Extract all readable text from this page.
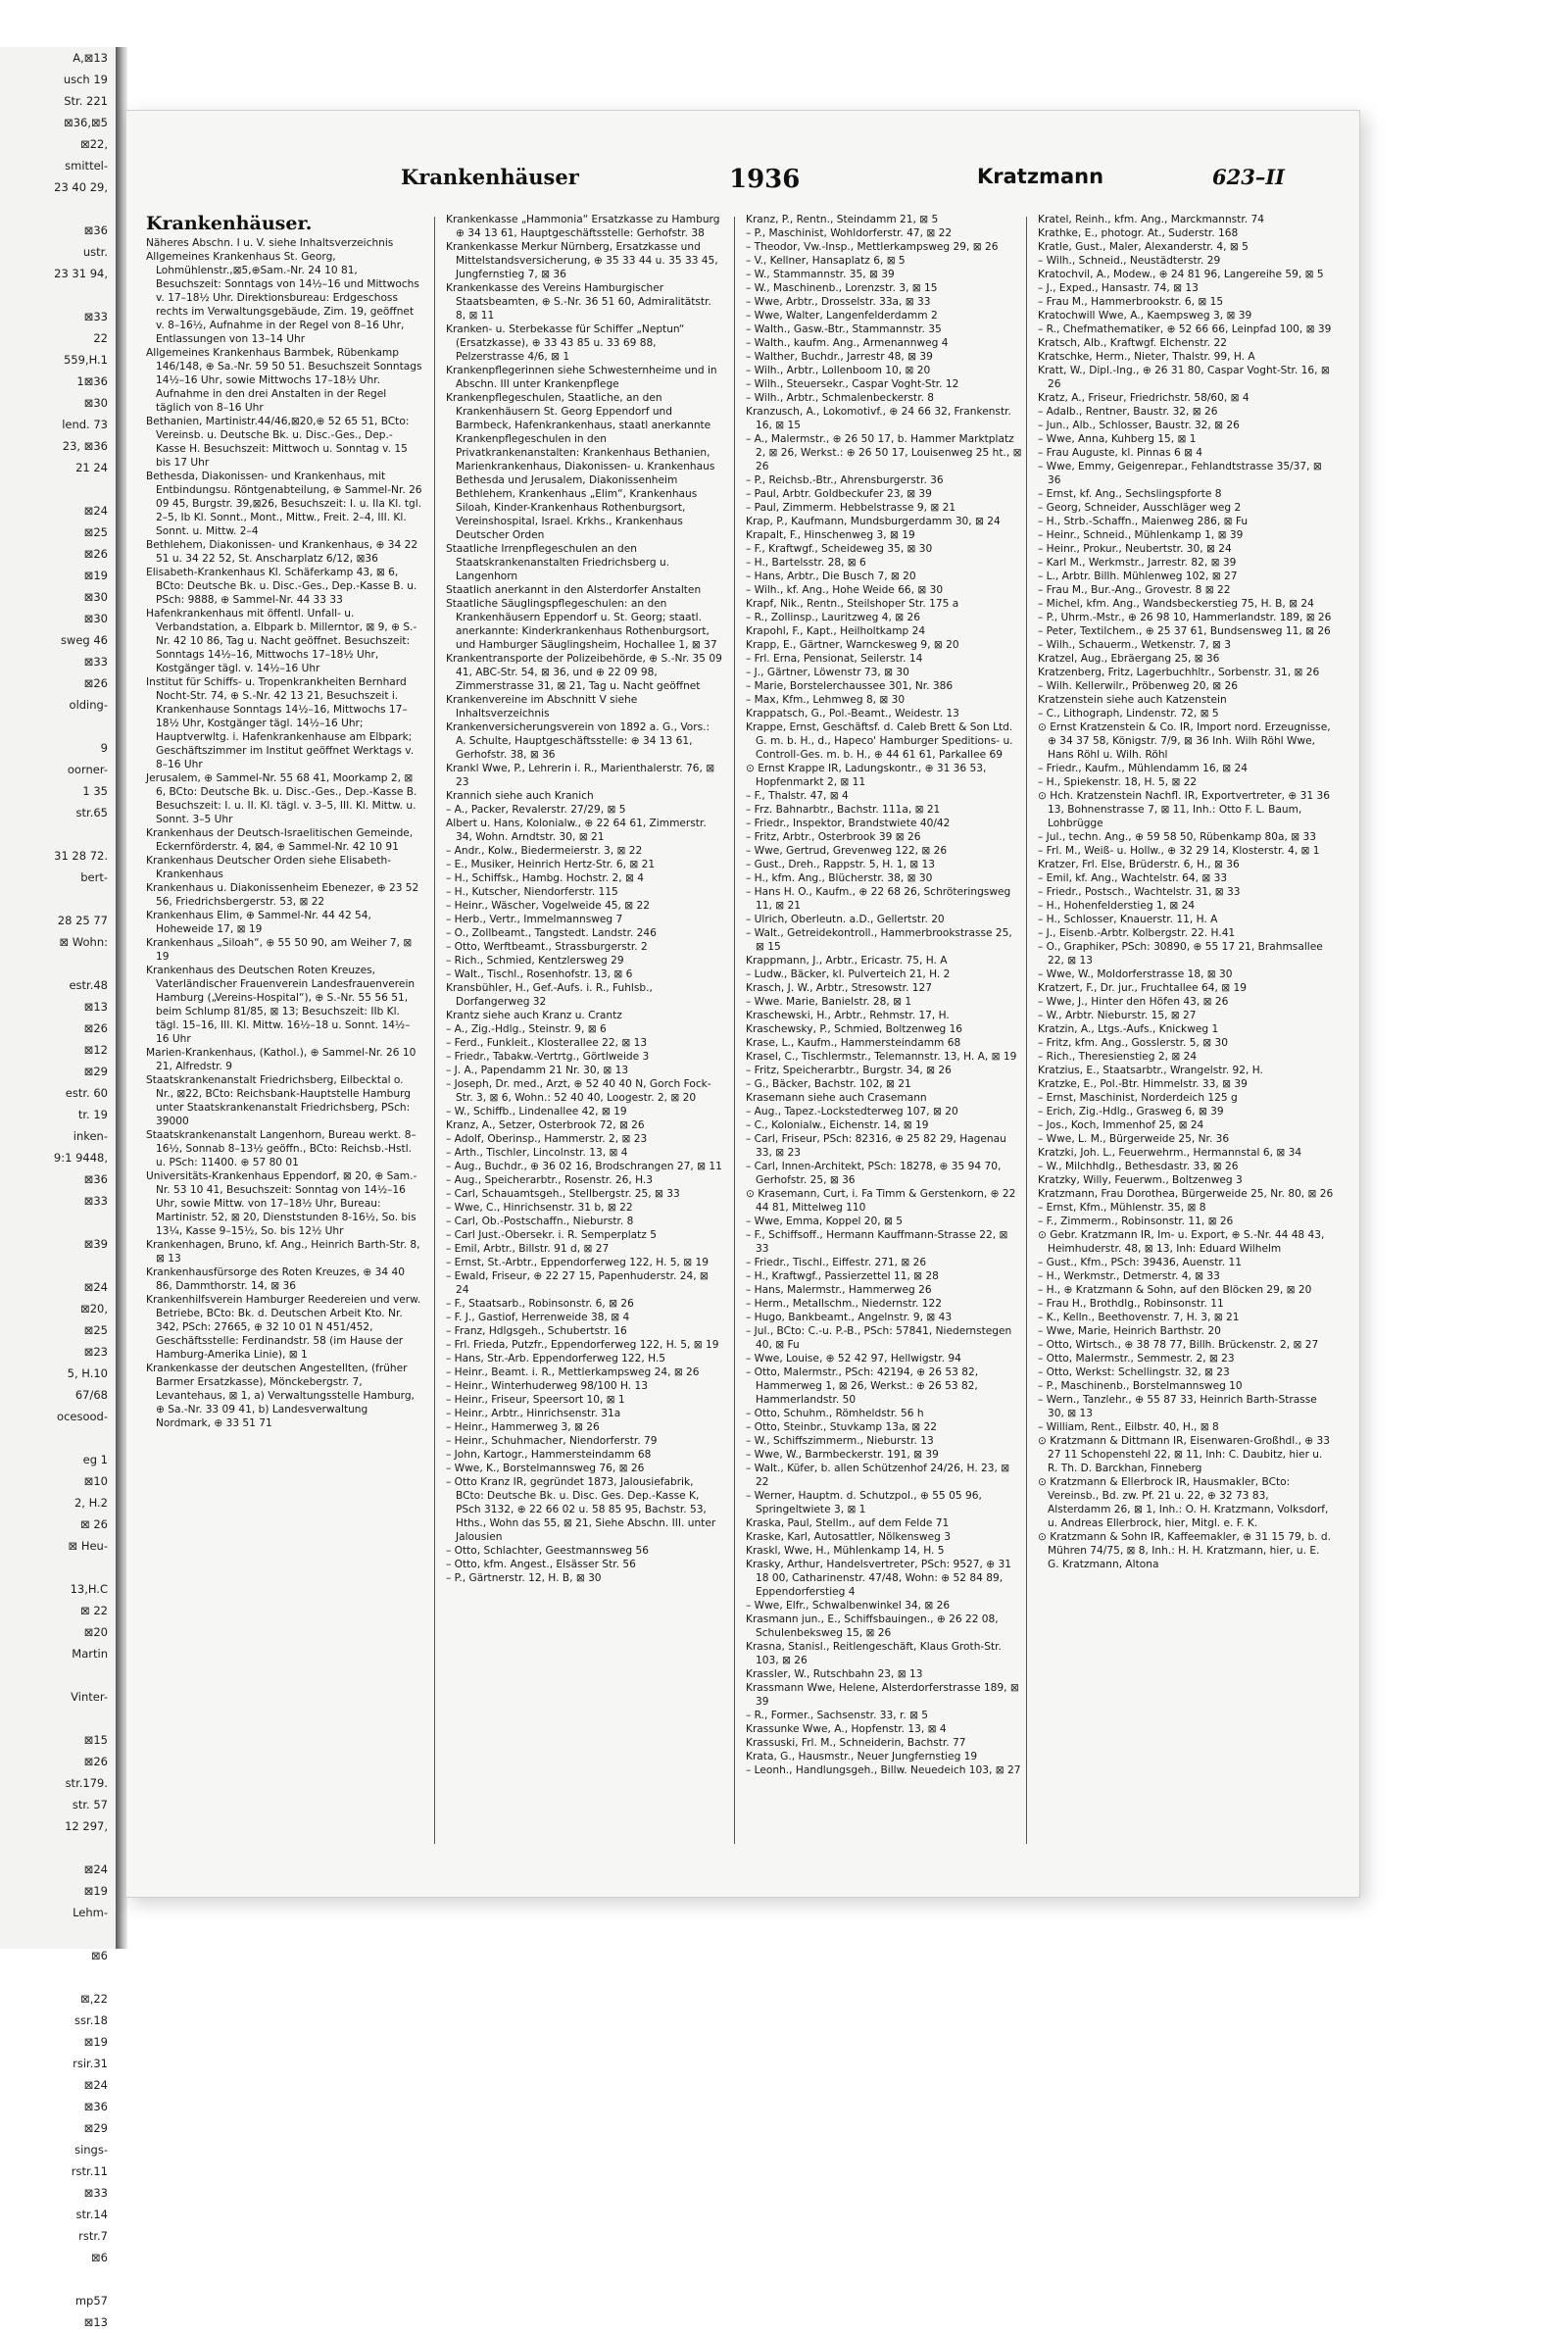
A,⊠13
usch 19
Str. 221
⊠36,⊠5
⊠22,
smittel-
23 40 29,
⊠36
ustr.
23 31 94,
⊠33
22
559,H.1
1⊠36
⊠30
lend. 73
23, ⊠36
21 24
⊠24
⊠25
⊠26
⊠19
⊠30
⊠30
sweg 46
⊠33
⊠26
olding-
9
oorner-
1 35
str.65
31 28 72.
bert-
28 25 77
⊠ Wohn:
estr.48
⊠13
⊠26
⊠12
⊠29
estr. 60
tr. 19
inken-
9:1 9448,
⊠36
⊠33
⊠39
⊠24
⊠20,
⊠25
⊠23
5, H.10
67/68
ocesood-
eg 1
⊠10
2, H.2
⊠ 26
⊠ Heu-
13,H.C
⊠ 22
⊠20
Martin
Vinter-
⊠15
⊠26
str.179.
str. 57
12 297,
⊠24
⊠19
Lehm-
⊠6
⊠,22
ssr.18
⊠19
rsir.31
⊠24
⊠36
⊠29
sings-
rstr.11
⊠33
str.14
rstr.7
⊠6
mp57
⊠13
Krankenhäuser	1936	Kratzmann	623–II
Krankenhäuser.

Näheres Abschn. I u. V. siehe Inhaltsverzeichnis

Allgemeines Krankenhaus St. Georg, Lohmühlenstr.,⊠5,⊕Sam.-Nr. 24 10 81, Besuchszeit: Sonntags von 14½–16 und Mittwochs v. 17–18½ Uhr. Direktionsbureau: Erdgeschoss rechts im Verwaltungsgebäude, Zim. 19, geöffnet v. 8–16½, Aufnahme in der Regel von 8–16 Uhr, Entlassungen von 13–14 Uhr

Allgemeines Krankenhaus Barmbek, Rübenkamp 146/148, ⊕ Sa.-Nr. 59 50 51. Besuchszeit Sonntags 14½–16 Uhr, sowie Mittwochs 17–18½ Uhr. Aufnahme in den drei Anstalten in der Regel täglich von 8–16 Uhr

Bethanien, Martinistr.44/46,⊠20,⊕ 52 65 51, BCto: Vereinsb. u. Deutsche Bk. u. Disc.-Ges., Dep.-Kasse H. Besuchszeit: Mittwoch u. Sonntag v. 15 bis 17 Uhr

Bethesda, Diakonissen- und Krankenhaus, mit Entbindungsu. Röntgenabteilung, ⊕ Sammel-Nr. 26 09 45, Burgstr. 39,⊠26, Besuchszeit: I. u. IIa Kl. tgl. 2–5, Ib Kl. Sonnt., Mont., Mittw., Freit. 2–4, III. Kl. Sonnt. u. Mittw. 2–4

Bethlehem, Diakonissen- und Krankenhaus, ⊕ 34 22 51 u. 34 22 52, St. Anscharplatz 6/12, ⊠36

Elisabeth-Krankenhaus Kl. Schäferkamp 43, ⊠ 6, BCto: Deutsche Bk. u. Disc.-Ges., Dep.-Kasse B. u. PSch: 9888, ⊕ Sammel-Nr. 44 33 33

Hafenkrankenhaus mit öffentl. Unfall- u. Verbandstation, a. Elbpark b. Millerntor, ⊠ 9, ⊕ S.-Nr. 42 10 86, Tag u. Nacht geöffnet. Besuchszeit: Sonntags 14½–16, Mittwochs 17–18½ Uhr, Kostgänger tägl. v. 14½–16 Uhr

Institut für Schiffs- u. Tropenkrankheiten Bernhard Nocht-Str. 74, ⊕ S.-Nr. 42 13 21, Besuchszeit i. Krankenhause Sonntags 14½–16, Mittwochs 17–18½ Uhr, Kostgänger tägl. 14½–16 Uhr; Hauptverwltg. i. Hafenkrankenhause am Elbpark; Geschäftszimmer im Institut geöffnet Werktags v. 8–16 Uhr

Jerusalem, ⊕ Sammel-Nr. 55 68 41, Moorkamp 2, ⊠ 6, BCto: Deutsche Bk. u. Disc.-Ges., Dep.-Kasse B. Besuchszeit: I. u. II. Kl. tägl. v. 3–5, III. Kl. Mittw. u. Sonnt. 3–5 Uhr

Krankenhaus der Deutsch-Israelitischen Gemeinde, Eckernförderstr. 4, ⊠4, ⊕ Sammel-Nr. 42 10 91

Krankenhaus Deutscher Orden siehe Elisabeth-Krankenhaus

Krankenhaus u. Diakonissenheim Ebenezer, ⊕ 23 52 56, Friedrichsbergerstr. 53, ⊠ 22

Krankenhaus Elim, ⊕ Sammel-Nr. 44 42 54, Hoheweide 17, ⊠ 19

Krankenhaus „Siloah“, ⊕ 55 50 90, am Weiher 7, ⊠ 19

Krankenhaus des Deutschen Roten Kreuzes, Vaterländischer Frauenverein Landesfrauenverein Hamburg („Vereins-Hospital“), ⊕ S.-Nr. 55 56 51, beim Schlump 81/85, ⊠ 13; Besuchszeit: IIb Kl. tägl. 15–16, III. Kl. Mittw. 16½–18 u. Sonnt. 14½–16 Uhr

Marien-Krankenhaus, (Kathol.), ⊕ Sammel-Nr. 26 10 21, Alfredstr. 9

Staatskrankenanstalt Friedrichsberg, Eilbecktal o. Nr., ⊠22, BCto: Reichsbank-Hauptstelle Hamburg unter Staatskrankenanstalt Friedrichsberg, PSch: 39000

Staatskrankenanstalt Langenhorn, Bureau werkt. 8–16½, Sonnab 8–13½ geöffn., BCto: Reichsb.-Hstl. u. PSch: 11400. ⊕ 57 80 01

Universitäts-Krankenhaus Eppendorf, ⊠ 20, ⊕ Sam.-Nr. 53 10 41, Besuchszeit: Sonntag von 14½–16 Uhr, sowie Mittw. von 17–18½ Uhr, Bureau: Martinistr. 52, ⊠ 20, Dienststunden 8-16½, So. bis 13¼, Kasse 9–15½, So. bis 12½ Uhr

Krankenhagen, Bruno, kf. Ang., Heinrich Barth-Str. 8, ⊠ 13

Krankenhausfürsorge des Roten Kreuzes, ⊕ 34 40 86, Dammthorstr. 14, ⊠ 36

Krankenhilfsverein Hamburger Reedereien und verw. Betriebe, BCto: Bk. d. Deutschen Arbeit Kto. Nr. 342, PSch: 27665, ⊕ 32 10 01 N 451/452, Geschäftsstelle: Ferdinandstr. 58 (im Hause der Hamburg-Amerika Linie), ⊠ 1

Krankenkasse der deutschen Angestellten, (früher Barmer Ersatzkasse), Mönckebergstr. 7, Levantehaus, ⊠ 1, a) Verwaltungsstelle Hamburg, ⊕ Sa.-Nr. 33 09 41, b) Landesverwaltung Nordmark, ⊕ 33 51 71

Krankenkasse „Hammonia“ Ersatzkasse zu Hamburg ⊕ 34 13 61, Hauptgeschäftsstelle: Gerhofstr. 38

Krankenkasse Merkur Nürnberg, Ersatzkasse und Mittelstandsversicherung, ⊕ 35 33 44 u. 35 33 45, Jungfernstieg 7, ⊠ 36

Krankenkasse des Vereins Hamburgischer Staatsbeamten, ⊕ S.-Nr. 36 51 60, Admiralitätstr. 8, ⊠ 11

Kranken- u. Sterbekasse für Schiffer „Neptun“ (Ersatzkasse), ⊕ 33 43 85 u. 33 69 88, Pelzerstrasse 4/6, ⊠ 1

Krankenpflegerinnen siehe Schwesternheime und in Abschn. III unter Krankenpflege

Krankenpflegeschulen, Staatliche, an den Krankenhäusern St. Georg Eppendorf und Barmbeck, Hafenkrankenhaus, staatl anerkannte Krankenpflegeschulen in den Privatkrankenanstalten: Krankenhaus Bethanien, Marienkrankenhaus, Diakonissen- u. Krankenhaus Bethesda und Jerusalem, Diakonissenheim Bethlehem, Krankenhaus „Elim“, Krankenhaus Siloah, Kinder-Krankenhaus Rothenburgsort, Vereinshospital, Israel. Krkhs., Krankenhaus Deutscher Orden

Staatliche Irrenpflegeschulen an den Staatskrankenanstalten Friedrichsberg u. Langenhorn

Staatlich anerkannt in den Alsterdorfer Anstalten

Staatliche Säuglingspflegeschulen: an den Krankenhäusern Eppendorf u. St. Georg; staatl. anerkannte: Kinderkrankenhaus Rothenburgsort, und Hamburger Säuglingsheim, Hochallee 1, ⊠ 37

Krankentransporte der Polizeibehörde, ⊕ S.-Nr. 35 09 41, ABC-Str. 54, ⊠ 36, und ⊕ 22 09 98, Zimmerstrasse 31, ⊠ 21, Tag u. Nacht geöffnet

Krankenvereine im Abschnitt V siehe Inhaltsverzeichnis

Krankenversicherungsverein von 1892 a. G., Vors.: A. Schulte, Hauptgeschäftsstelle: ⊕ 34 13 61, Gerhofstr. 38, ⊠ 36

Krankl Wwe, P., Lehrerin i. R., Marienthalerstr. 76, ⊠ 23

Krannich siehe auch Kranich

– A., Packer, Revalerstr. 27/29, ⊠ 5

Albert u. Hans, Kolonialw., ⊕ 22 64 61, Zimmerstr. 34, Wohn. Arndtstr. 30, ⊠ 21

– Andr., Kolw., Biedermeierstr. 3, ⊠ 22

– E., Musiker, Heinrich Hertz-Str. 6, ⊠ 21

– H., Schiffsk., Hambg. Hochstr. 2, ⊠ 4

– H., Kutscher, Niendorferstr. 115

– Heinr., Wäscher, Vogelweide 45, ⊠ 22

– Herb., Vertr., Immelmannsweg 7

– O., Zollbeamt., Tangstedt. Landstr. 246

– Otto, Werftbeamt., Strassburgerstr. 2

– Rich., Schmied, Kentzlersweg 29

– Walt., Tischl., Rosenhofstr. 13, ⊠ 6

Kransbühler, H., Gef.-Aufs. i. R., Fuhlsb., Dorfangerweg 32

Krantz siehe auch Kranz u. Crantz

– A., Zig.-Hdlg., Steinstr. 9, ⊠ 6

– Ferd., Funkleit., Klosterallee 22, ⊠ 13

– Friedr., Tabakw.-Vertrtg., Görtlweide 3

– J. A., Papendamm 21 Nr. 30, ⊠ 13

– Joseph, Dr. med., Arzt, ⊕ 52 40 40 N, Gorch Fock-Str. 3, ⊠ 6, Wohn.: 52 40 40, Loogestr. 2, ⊠ 20

– W., Schiffb., Lindenallee 42, ⊠ 19

Kranz, A., Setzer, Osterbrook 72, ⊠ 26

– Adolf, Oberinsp., Hammerstr. 2, ⊠ 23

– Arth., Tischler, Lincolnstr. 13, ⊠ 4

– Aug., Buchdr., ⊕ 36 02 16, Brodschrangen 27, ⊠ 11

– Aug., Speicherarbtr., Rosenstr. 26, H.3

– Carl, Schauamtsgeh., Stellbergstr. 25, ⊠ 33

– Wwe, C., Hinrichsenstr. 31 b, ⊠ 22

– Carl, Ob.-Postschaffn., Nieburstr. 8

– Carl Just.-Obersekr. i. R. Semperplatz 5

– Emil, Arbtr., Billstr. 91 d, ⊠ 27

– Ernst, St.-Arbtr., Eppendorferweg 122, H. 5, ⊠ 19

– Ewald, Friseur, ⊕ 22 27 15, Papenhuderstr. 24, ⊠ 24

– F., Staatsarb., Robinsonstr. 6, ⊠ 26

– F. J., Gastiof, Herrenweide 38, ⊠ 4

– Franz, Hdlgsgeh., Schubertstr. 16

– Frl. Frieda, Putzfr., Eppendorferweg 122, H. 5, ⊠ 19

– Hans, Str.-Arb. Eppendorferweg 122, H.5

– Heinr., Beamt. i. R., Mettlerkampsweg 24, ⊠ 26

– Heinr., Winterhuderweg 98/100 H. 13

– Heinr., Friseur, Speersort 10, ⊠ 1

– Heinr., Arbtr., Hinrichsenstr. 31a

– Heinr., Hammerweg 3, ⊠ 26

– Heinr., Schuhmacher, Niendorferstr. 79

– John, Kartogr., Hammersteindamm 68

– Wwe, K., Borstelmannsweg 76, ⊠ 26

– Otto Kranz IR, gegründet 1873, Jalousiefabrik, BCto: Deutsche Bk. u. Disc. Ges. Dep.-Kasse K, PSch 3132, ⊕ 22 66 02 u. 58 85 95, Bachstr. 53, Hths., Wohn das 55, ⊠ 21, Siehe Abschn. III. unter Jalousien

– Otto, Schlachter, Geestmannsweg 56

– Otto, kfm. Angest., Elsässer Str. 56

– P., Gärtnerstr. 12, H. B, ⊠ 30

Kranz, P., Rentn., Steindamm 21, ⊠ 5

– P., Maschinist, Wohldorferstr. 47, ⊠ 22

– Theodor, Vw.-Insp., Mettlerkampsweg 29, ⊠ 26

– V., Kellner, Hansaplatz 6, ⊠ 5

– W., Stammannstr. 35, ⊠ 39

– W., Maschinenb., Lorenzstr. 3, ⊠ 15

– Wwe, Arbtr., Drosselstr. 33a, ⊠ 33

– Wwe, Walter, Langenfelderdamm 2

– Walth., Gasw.-Btr., Stammannstr. 35

– Walth., kaufm. Ang., Armenannweg 4

– Walther, Buchdr., Jarrestr 48, ⊠ 39

– Wilh., Arbtr., Lollenboom 10, ⊠ 20

– Wilh., Steuersekr., Caspar Voght-Str. 12

– Wilh., Arbtr., Schmalenbeckerstr. 8

Kranzusch, A., Lokomotivf., ⊕ 24 66 32, Frankenstr. 16, ⊠ 15

– A., Malermstr., ⊕ 26 50 17, b. Hammer Marktplatz 2, ⊠ 26, Werkst.: ⊕ 26 50 17, Louisenweg 25 ht., ⊠ 26

– P., Reichsb.-Btr., Ahrensburgerstr. 36

– Paul, Arbtr. Goldbeckufer 23, ⊠ 39

– Paul, Zimmerm. Hebbelstrasse 9, ⊠ 21

Krap, P., Kaufmann, Mundsburgerdamm 30, ⊠ 24

Krapalt, F., Hinschenweg 3, ⊠ 19

– F., Kraftwgf., Scheideweg 35, ⊠ 30

– H., Bartelsstr. 28, ⊠ 6

– Hans, Arbtr., Die Busch 7, ⊠ 20

– Wilh., kf. Ang., Hohe Weide 66, ⊠ 30

Krapf, Nik., Rentn., Steilshoper Str. 175 a

– R., Zollinsp., Lauritzweg 4, ⊠ 26

Krapohl, F., Kapt., Heilholtkamp 24

Krapp, E., Gärtner, Warnckesweg 9, ⊠ 20

– Frl. Erna, Pensionat, Seilerstr. 14

– J., Gärtner, Löwenstr 73, ⊠ 30

– Marie, Borstelerchaussee 301, Nr. 386

– Max, Kfm., Lehmweg 8, ⊠ 30

Krappatsch, G., Pol.-Beamt., Weidestr. 13

Krappe, Ernst, Geschäftsf. d. Caleb Brett & Son Ltd. G. m. b. H., d., Hapeco' Hamburger Speditions- u. Controll-Ges. m. b. H., ⊕ 44 61 61, Parkallee 69

⊙ Ernst Krappe IR, Ladungskontr., ⊕ 31 36 53, Hopfenmarkt 2, ⊠ 11

– F., Thalstr. 47, ⊠ 4

– Frz. Bahnarbtr., Bachstr. 111a, ⊠ 21

– Friedr., Inspektor, Brandstwiete 40/42

– Fritz, Arbtr., Osterbrook 39 ⊠ 26

– Wwe, Gertrud, Grevenweg 122, ⊠ 26

– Gust., Dreh., Rappstr. 5, H. 1, ⊠ 13

– H., kfm. Ang., Blücherstr. 38, ⊠ 30

– Hans H. O., Kaufm., ⊕ 22 68 26, Schröteringsweg 11, ⊠ 21

– Ulrich, Oberleutn. a.D., Gellertstr. 20

– Walt., Getreidekontroll., Hammerbrookstrasse 25, ⊠ 15

Krappmann, J., Arbtr., Ericastr. 75, H. A

– Ludw., Bäcker, kl. Pulverteich 21, H. 2

Krasch, J. W., Arbtr., Stresowstr. 127

– Wwe. Marie, Banielstr. 28, ⊠ 1

Kraschewski, H., Arbtr., Rehmstr. 17, H.

Kraschewsky, P., Schmied, Boltzenweg 16

Krase, L., Kaufm., Hammersteindamm 68

Krasel, C., Tischlermstr., Telemannstr. 13, H. A, ⊠ 19

– Fritz, Speicherarbtr., Burgstr. 34, ⊠ 26

– G., Bäcker, Bachstr. 102, ⊠ 21

Krasemann siehe auch Crasemann

– Aug., Tapez.-Lockstedterweg 107, ⊠ 20

– C., Kolonialw., Eichenstr. 14, ⊠ 19

– Carl, Friseur, PSch: 82316, ⊕ 25 82 29, Hagenau 33, ⊠ 23

– Carl, Innen-Architekt, PSch: 18278, ⊕ 35 94 70, Gerhofstr. 25, ⊠ 36

⊙ Krasemann, Curt, i. Fa Timm & Gerstenkorn, ⊕ 22 44 81, Mittelweg 110

– Wwe, Emma, Koppel 20, ⊠ 5

– F., Schiffsoff., Hermann Kauffmann-Strasse 22, ⊠ 33

– Friedr., Tischl., Eiffestr. 271, ⊠ 26

– H., Kraftwgf., Passierzettel 11, ⊠ 28

– Hans, Malermstr., Hammerweg 26

– Herm., Metallschm., Niedernstr. 122

– Hugo, Bankbeamt., Angelnstr. 9, ⊠ 43

– Jul., BCto: C.-u. P.-B., PSch: 57841, Niedernstegen 40, ⊠ Fu

– Wwe, Louise, ⊕ 52 42 97, Hellwigstr. 94

– Otto, Malermstr., PSch: 42194, ⊕ 26 53 82, Hammerweg 1, ⊠ 26, Werkst.: ⊕ 26 53 82, Hammerlandstr. 50

– Otto, Schuhm., Römheldstr. 56 h

– Otto, Steinbr., Stuvkamp 13a, ⊠ 22

– W., Schiffszimmerm., Nieburstr. 13

– Wwe, W., Barmbeckerstr. 191, ⊠ 39

– Walt., Küfer, b. allen Schützenhof 24/26, H. 23, ⊠ 22

– Werner, Hauptm. d. Schutzpol., ⊕ 55 05 96, Springeltwiete 3, ⊠ 1

Kraska, Paul, Stellm., auf dem Felde 71

Kraske, Karl, Autosattler, Nölkensweg 3

Kraskl, Wwe, H., Mühlenkamp 14, H. 5

Krasky, Arthur, Handelsvertreter, PSch: 9527, ⊕ 31 18 00, Catharinenstr. 47/48, Wohn: ⊕ 52 84 89, Eppendorferstieg 4

– Wwe, Elfr., Schwalbenwinkel 34, ⊠ 26

Krasmann jun., E., Schiffsbauingen., ⊕ 26 22 08, Schulenbeksweg 15, ⊠ 26

Krasna, Stanisl., Reitlengeschäft, Klaus Groth-Str. 103, ⊠ 26

Krassler, W., Rutschbahn 23, ⊠ 13

Krassmann Wwe, Helene, Alsterdorferstrasse 189, ⊠ 39

– R., Former., Sachsenstr. 33, r. ⊠ 5

Krassunke Wwe, A., Hopfenstr. 13, ⊠ 4

Krassuski, Frl. M., Schneiderin, Bachstr. 77

Krata, G., Hausmstr., Neuer Jungfernstieg 19

– Leonh., Handlungsgeh., Billw. Neuedeich 103, ⊠ 27

Kratel, Reinh., kfm. Ang., Marckmannstr. 74

Krathke, E., photogr. At., Suderstr. 168

Kratle, Gust., Maler, Alexanderstr. 4, ⊠ 5

– Wilh., Schneid., Neustädterstr. 29

Kratochvil, A., Modew., ⊕ 24 81 96, Langereihe 59, ⊠ 5

– J., Exped., Hansastr. 74, ⊠ 13

– Frau M., Hammerbrookstr. 6, ⊠ 15

Kratochwill Wwe, A., Kaempsweg 3, ⊠ 39

– R., Chefmathematiker, ⊕ 52 66 66, Leinpfad 100, ⊠ 39

Kratsch, Alb., Kraftwgf. Elchenstr. 22

Kratschke, Herm., Nieter, Thalstr. 99, H. A

Kratt, W., Dipl.-Ing., ⊕ 26 31 80, Caspar Voght-Str. 16, ⊠ 26

Kratz, A., Friseur, Friedrichstr. 58/60, ⊠ 4

– Adalb., Rentner, Baustr. 32, ⊠ 26

– Jun., Alb., Schlosser, Baustr. 32, ⊠ 26

– Wwe, Anna, Kuhberg 15, ⊠ 1

– Frau Auguste, kl. Pinnas 6 ⊠ 4

– Wwe, Emmy, Geigenrepar., Fehlandtstrasse 35/37, ⊠ 36

– Ernst, kf. Ang., Sechslingspforte 8

– Georg, Schneider, Ausschläger weg 2

– H., Strb.-Schaffn., Maienweg 286, ⊠ Fu

– Heinr., Schneid., Mühlenkamp 1, ⊠ 39

– Heinr., Prokur., Neubertstr. 30, ⊠ 24

– Karl M., Werkmstr., Jarrestr. 82, ⊠ 39

– L., Arbtr. Billh. Mühlenweg 102, ⊠ 27

– Frau M., Bur.-Ang., Grovestr. 8 ⊠ 22

– Michel, kfm. Ang., Wandsbeckerstieg 75, H. B, ⊠ 24

– P., Uhrm.-Mstr., ⊕ 26 98 10, Hammerlandstr. 189, ⊠ 26

– Peter, Textilchem., ⊕ 25 37 61, Bundsensweg 11, ⊠ 26

– Wilh., Schauerm., Wetkenstr. 7, ⊠ 3

Kratzel, Aug., Ebräergang 25, ⊠ 36

Kratzenberg, Fritz, Lagerbuchhltr., Sorbenstr. 31, ⊠ 26

– Wilh. Kellerwilr., Pröbenweg 20, ⊠ 26

Kratzenstein siehe auch Katzenstein

– C., Lithograph, Lindenstr. 72, ⊠ 5

⊙ Ernst Kratzenstein & Co. IR, Import nord. Erzeugnisse, ⊕ 34 37 58, Königstr. 7/9, ⊠ 36 Inh. Wilh Röhl Wwe, Hans Röhl u. Wilh. Röhl

– Friedr., Kaufm., Mühlendamm 16, ⊠ 24

– H., Spiekenstr. 18, H. 5, ⊠ 22

⊙ Hch. Kratzenstein Nachfl. IR, Exportvertreter, ⊕ 31 36 13, Bohnenstrasse 7, ⊠ 11, Inh.: Otto F. L. Baum, Lohbrügge

– Jul., techn. Ang., ⊕ 59 58 50, Rübenkamp 80a, ⊠ 33

– Frl. M., Weiß- u. Hollw., ⊕ 32 29 14, Klosterstr. 4, ⊠ 1

Kratzer, Frl. Else, Brüderstr. 6, H., ⊠ 36

– Emil, kf. Ang., Wachtelstr. 64, ⊠ 33

– Friedr., Postsch., Wachtelstr. 31, ⊠ 33

– H., Hohenfelderstieg 1, ⊠ 24

– H., Schlosser, Knauerstr. 11, H. A

– J., Eisenb.-Arbtr. Kolbergstr. 22. H.41

– O., Graphiker, PSch: 30890, ⊕ 55 17 21, Brahmsallee 22, ⊠ 13

– Wwe, W., Moldorferstrasse 18, ⊠ 30

Kratzert, F., Dr. jur., Fruchtallee 64, ⊠ 19

– Wwe, J., Hinter den Höfen 43, ⊠ 26

– W., Arbtr. Nieburstr. 15, ⊠ 27

Kratzin, A., Ltgs.-Aufs., Knickweg 1

– Fritz, kfm. Ang., Gosslerstr. 5, ⊠ 30

– Rich., Theresienstieg 2, ⊠ 24

Kratzius, E., Staatsarbtr., Wrangelstr. 92, H.

Kratzke, E., Pol.-Btr. Himmelstr. 33, ⊠ 39

– Ernst, Maschinist, Norderdeich 125 g

– Erich, Zig.-Hdlg., Grasweg 6, ⊠ 39

– Jos., Koch, Immenhof 25, ⊠ 24

– Wwe, L. M., Bürgerweide 25, Nr. 36

Kratzki, Joh. L., Feuerwehrm., Hermannstal 6, ⊠ 34

– W., Milchhdlg., Bethesdastr. 33, ⊠ 26

Kratzky, Willy, Feuerwm., Boltzenweg 3

Kratzmann, Frau Dorothea, Bürgerweide 25, Nr. 80, ⊠ 26

– Ernst, Kfm., Mühlenstr. 35, ⊠ 8

– F., Zimmerm., Robinsonstr. 11, ⊠ 26

⊙ Gebr. Kratzmann IR, Im- u. Export, ⊕ S.-Nr. 44 48 43, Heimhuderstr. 48, ⊠ 13, Inh: Eduard Wilhelm

– Gust., Kfm., PSch: 39436, Auenstr. 11

– H., Werkmstr., Detmerstr. 4, ⊠ 33

– H., ⊕ Kratzmann & Sohn, auf den Blöcken 29, ⊠ 20

– Frau H., Brothdlg., Robinsonstr. 11

– K., Kelln., Beethovenstr. 7, H. 3, ⊠ 21

– Wwe, Marie, Heinrich Barthstr. 20

– Otto, Wirtsch., ⊕ 38 78 77, Billh. Brückenstr. 2, ⊠ 27

– Otto, Malermstr., Semmestr. 2, ⊠ 23

– Otto, Werkst: Schellingstr. 32, ⊠ 23

– P., Maschinenb., Borstelmannsweg 10

– Wern., Tanzlehr., ⊕ 55 87 33, Heinrich Barth-Strasse 30, ⊠ 13

– William, Rent., Eilbstr. 40, H., ⊠ 8

⊙ Kratzmann & Dittmann IR, Eisenwaren-Großhdl., ⊕ 33 27 11 Schopenstehl 22, ⊠ 11, Inh: C. Daubitz, hier u. R. Th. D. Barckhan, Finneberg

⊙ Kratzmann & Ellerbrock IR, Hausmakler, BCto: Vereinsb., Bd. zw. Pf. 21 u. 22, ⊕ 32 73 83, Alsterdamm 26, ⊠ 1, Inh.: O. H. Kratzmann, Volksdorf, u. Andreas Ellerbrock, hier, Mitgl. e. F. K.

⊙ Kratzmann & Sohn IR, Kaffeemakler, ⊕ 31 15 79, b. d. Mühren 74/75, ⊠ 8, Inh.: H. H. Kratzmann, hier, u. E. G. Kratzmann, Altona
